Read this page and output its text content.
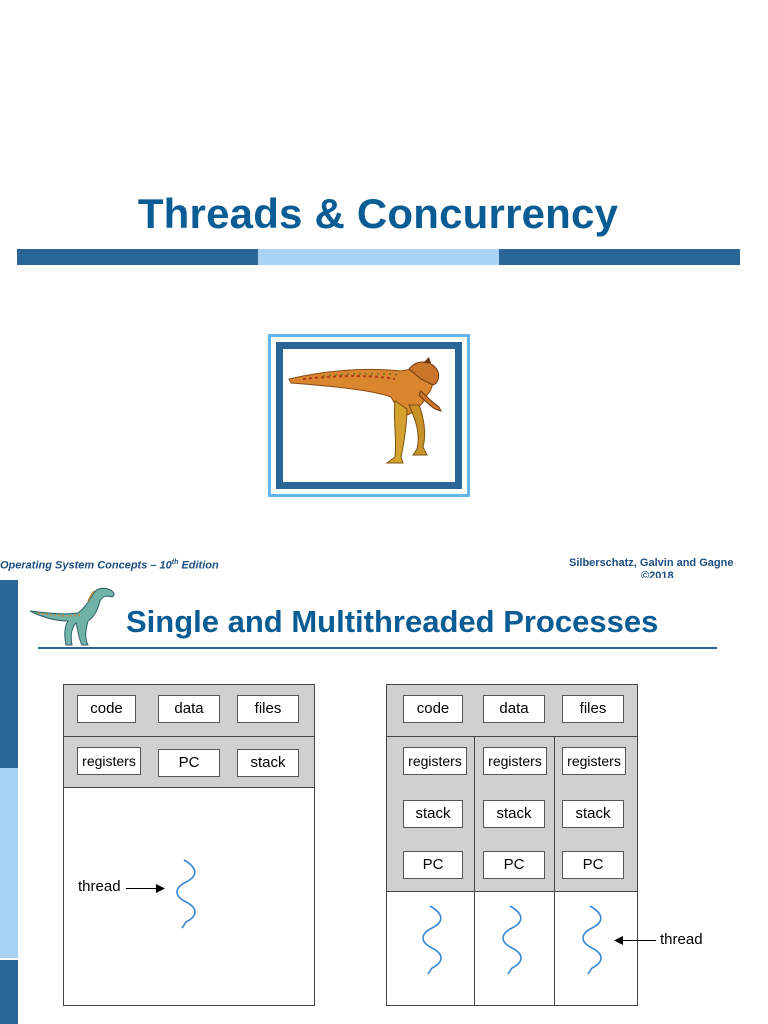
Threads & Concurrency
Operating System Concepts – 10th Edition	Silberschatz, Galvin and Gagne
©2018
Single and Multithreaded Processes
code	data	files
registers	PC	stack
thread
code	data	files
registers	registers	registers
stack	stack	stack
PC	PC	PC
thread
